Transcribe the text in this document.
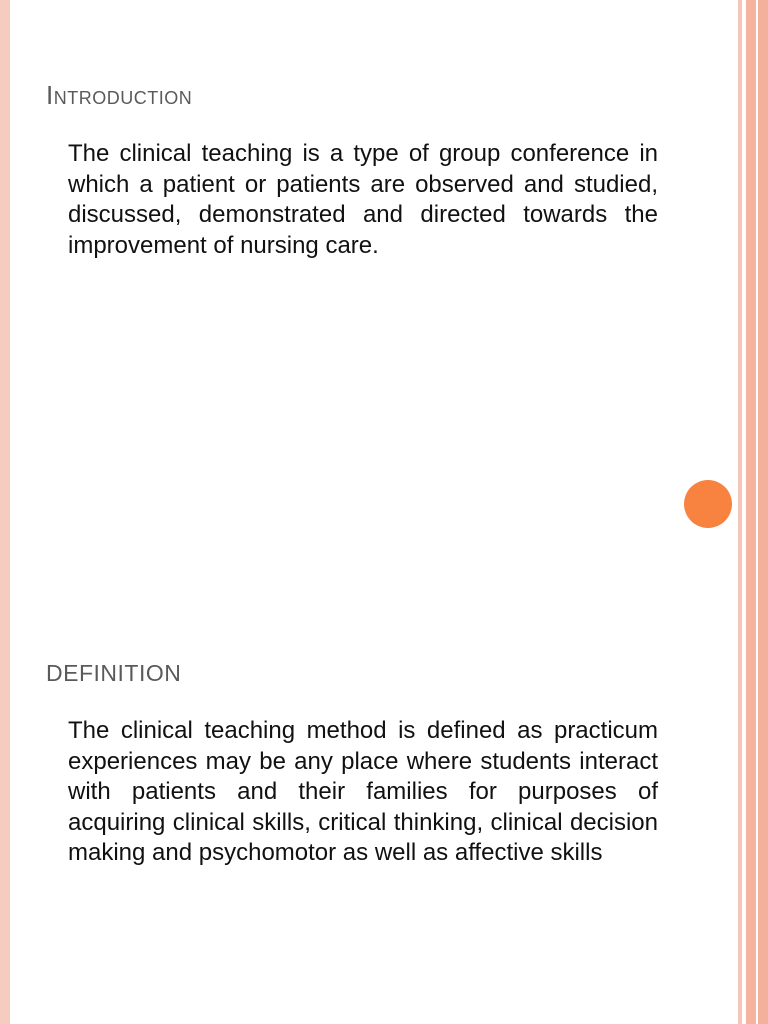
Introduction
The clinical teaching is a type of group conference in which a patient or patients are observed and studied, discussed, demonstrated and directed towards the improvement of nursing care.
DEFINITION
The clinical teaching method is defined as practicum experiences may be any place where students interact with patients and their families for purposes of acquiring clinical skills, critical thinking, clinical decision making and psychomotor as well as affective skills
